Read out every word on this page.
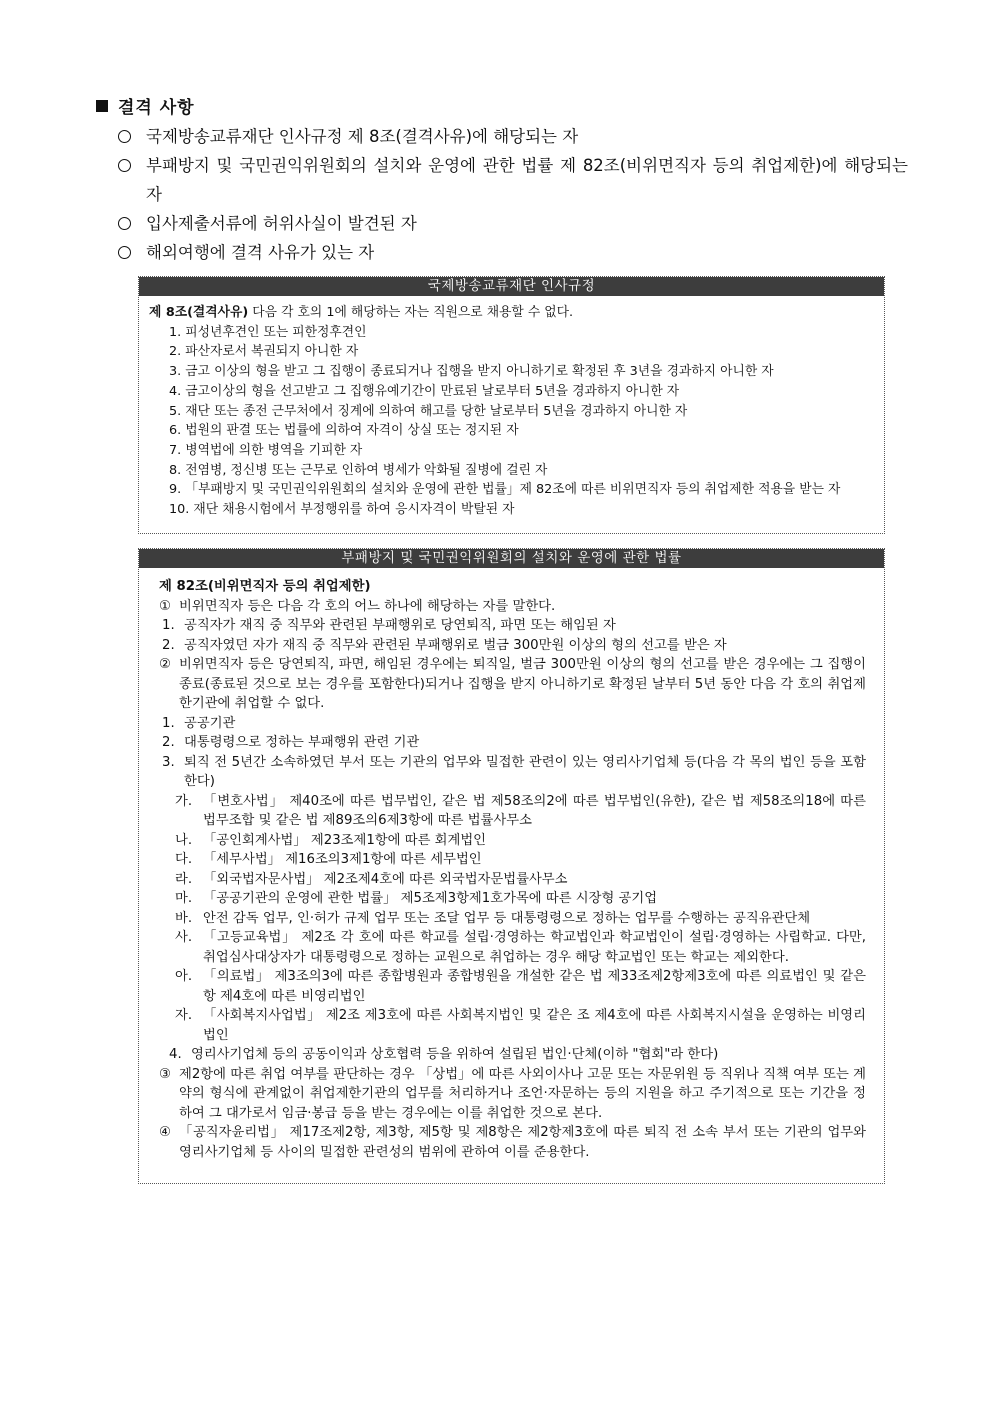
결격 사항
국제방송교류재단 인사규정 제 8조(결격사유)에 해당되는 자
부패방지 및 국민권익위원회의 설치와 운영에 관한 법률 제 82조(비위면직자 등의 취업제한)에 해당되는 자
입사제출서류에 허위사실이 발견된 자
해외여행에 결격 사유가 있는 자
국제방송교류재단 인사규정
제 8조(결격사유) 다음 각 호의 1에 해당하는 자는 직원으로 채용할 수 없다.
1. 피성년후견인 또는 피한정후견인
2. 파산자로서 복권되지 아니한 자
3. 금고 이상의 형을 받고 그 집행이 종료되거나 집행을 받지 아니하기로 확정된 후 3년을 경과하지 아니한 자
4. 금고이상의 형을 선고받고 그 집행유예기간이 만료된 날로부터 5년을 경과하지 아니한 자
5. 재단 또는 종전 근무처에서 징계에 의하여 해고를 당한 날로부터 5년을 경과하지 아니한 자
6. 법원의 판결 또는 법률에 의하여 자격이 상실 또는 정지된 자
7. 병역법에 의한 병역을 기피한 자
8. 전염병, 정신병 또는 근무로 인하여 병세가 악화될 질병에 걸린 자
9. 「부패방지 및 국민권익위원회의 설치와 운영에 관한 법률」제 82조에 따른 비위면직자 등의 취업제한 적용을 받는 자
10. 재단 채용시험에서 부정행위를 하여 응시자격이 박탈된 자
부패방지 및 국민권익위원회의 설치와 운영에 관한 법률
제 82조(비위면직자 등의 취업제한)
① 비위면직자 등은 다음 각 호의 어느 하나에 해당하는 자를 말한다.
1. 공직자가 재직 중 직무와 관련된 부패행위로 당연퇴직, 파면 또는 해임된 자
2. 공직자였던 자가 재직 중 직무와 관련된 부패행위로 벌금 300만원 이상의 형의 선고를 받은 자
② 비위면직자 등은 당연퇴직, 파면, 해임된 경우에는 퇴직일, 벌금 300만원 이상의 형의 선고를 받은 경우에는 그 집행이 종료(종료된 것으로 보는 경우를 포함한다)되거나 집행을 받지 아니하기로 확정된 날부터 5년 동안 다음 각 호의 취업제한기관에 취업할 수 없다.
1. 공공기관
2. 대통령령으로 정하는 부패행위 관련 기관
3. 퇴직 전 5년간 소속하였던 부서 또는 기관의 업무와 밀접한 관련이 있는 영리사기업체 등(다음 각 목의 법인 등을 포함한다)
가. 「변호사법」 제40조에 따른 법무법인, 같은 법 제58조의2에 따른 법무법인(유한), 같은 법 제58조의18에 따른 법무조합 및 같은 법 제89조의6제3항에 따른 법률사무소
나. 「공인회계사법」 제23조제1항에 따른 회계법인
다. 「세무사법」 제16조의3제1항에 따른 세무법인
라. 「외국법자문사법」 제2조제4호에 따른 외국법자문법률사무소
마. 「공공기관의 운영에 관한 법률」 제5조제3항제1호가목에 따른 시장형 공기업
바. 안전 감독 업무, 인·허가 규제 업무 또는 조달 업무 등 대통령령으로 정하는 업무를 수행하는 공직유관단체
사. 「고등교육법」 제2조 각 호에 따른 학교를 설립·경영하는 학교법인과 학교법인이 설립·경영하는 사립학교. 다만, 취업심사대상자가 대통령령으로 정하는 교원으로 취업하는 경우 해당 학교법인 또는 학교는 제외한다.
아. 「의료법」 제3조의3에 따른 종합병원과 종합병원을 개설한 같은 법 제33조제2항제3호에 따른 의료법인 및 같은 항 제4호에 따른 비영리법인
자. 「사회복지사업법」 제2조 제3호에 따른 사회복지법인 및 같은 조 제4호에 따른 사회복지시설을 운영하는 비영리법인
4. 영리사기업체 등의 공동이익과 상호협력 등을 위하여 설립된 법인·단체(이하 "협회"라 한다)
③ 제2항에 따른 취업 여부를 판단하는 경우 「상법」에 따른 사외이사나 고문 또는 자문위원 등 직위나 직책 여부 또는 계약의 형식에 관계없이 취업제한기관의 업무를 처리하거나 조언·자문하는 등의 지원을 하고 주기적으로 또는 기간을 정하여 그 대가로서 임금·봉급 등을 받는 경우에는 이를 취업한 것으로 본다.
④ 「공직자윤리법」 제17조제2항, 제3항, 제5항 및 제8항은 제2항제3호에 따른 퇴직 전 소속 부서 또는 기관의 업무와 영리사기업체 등 사이의 밀접한 관련성의 범위에 관하여 이를 준용한다.
